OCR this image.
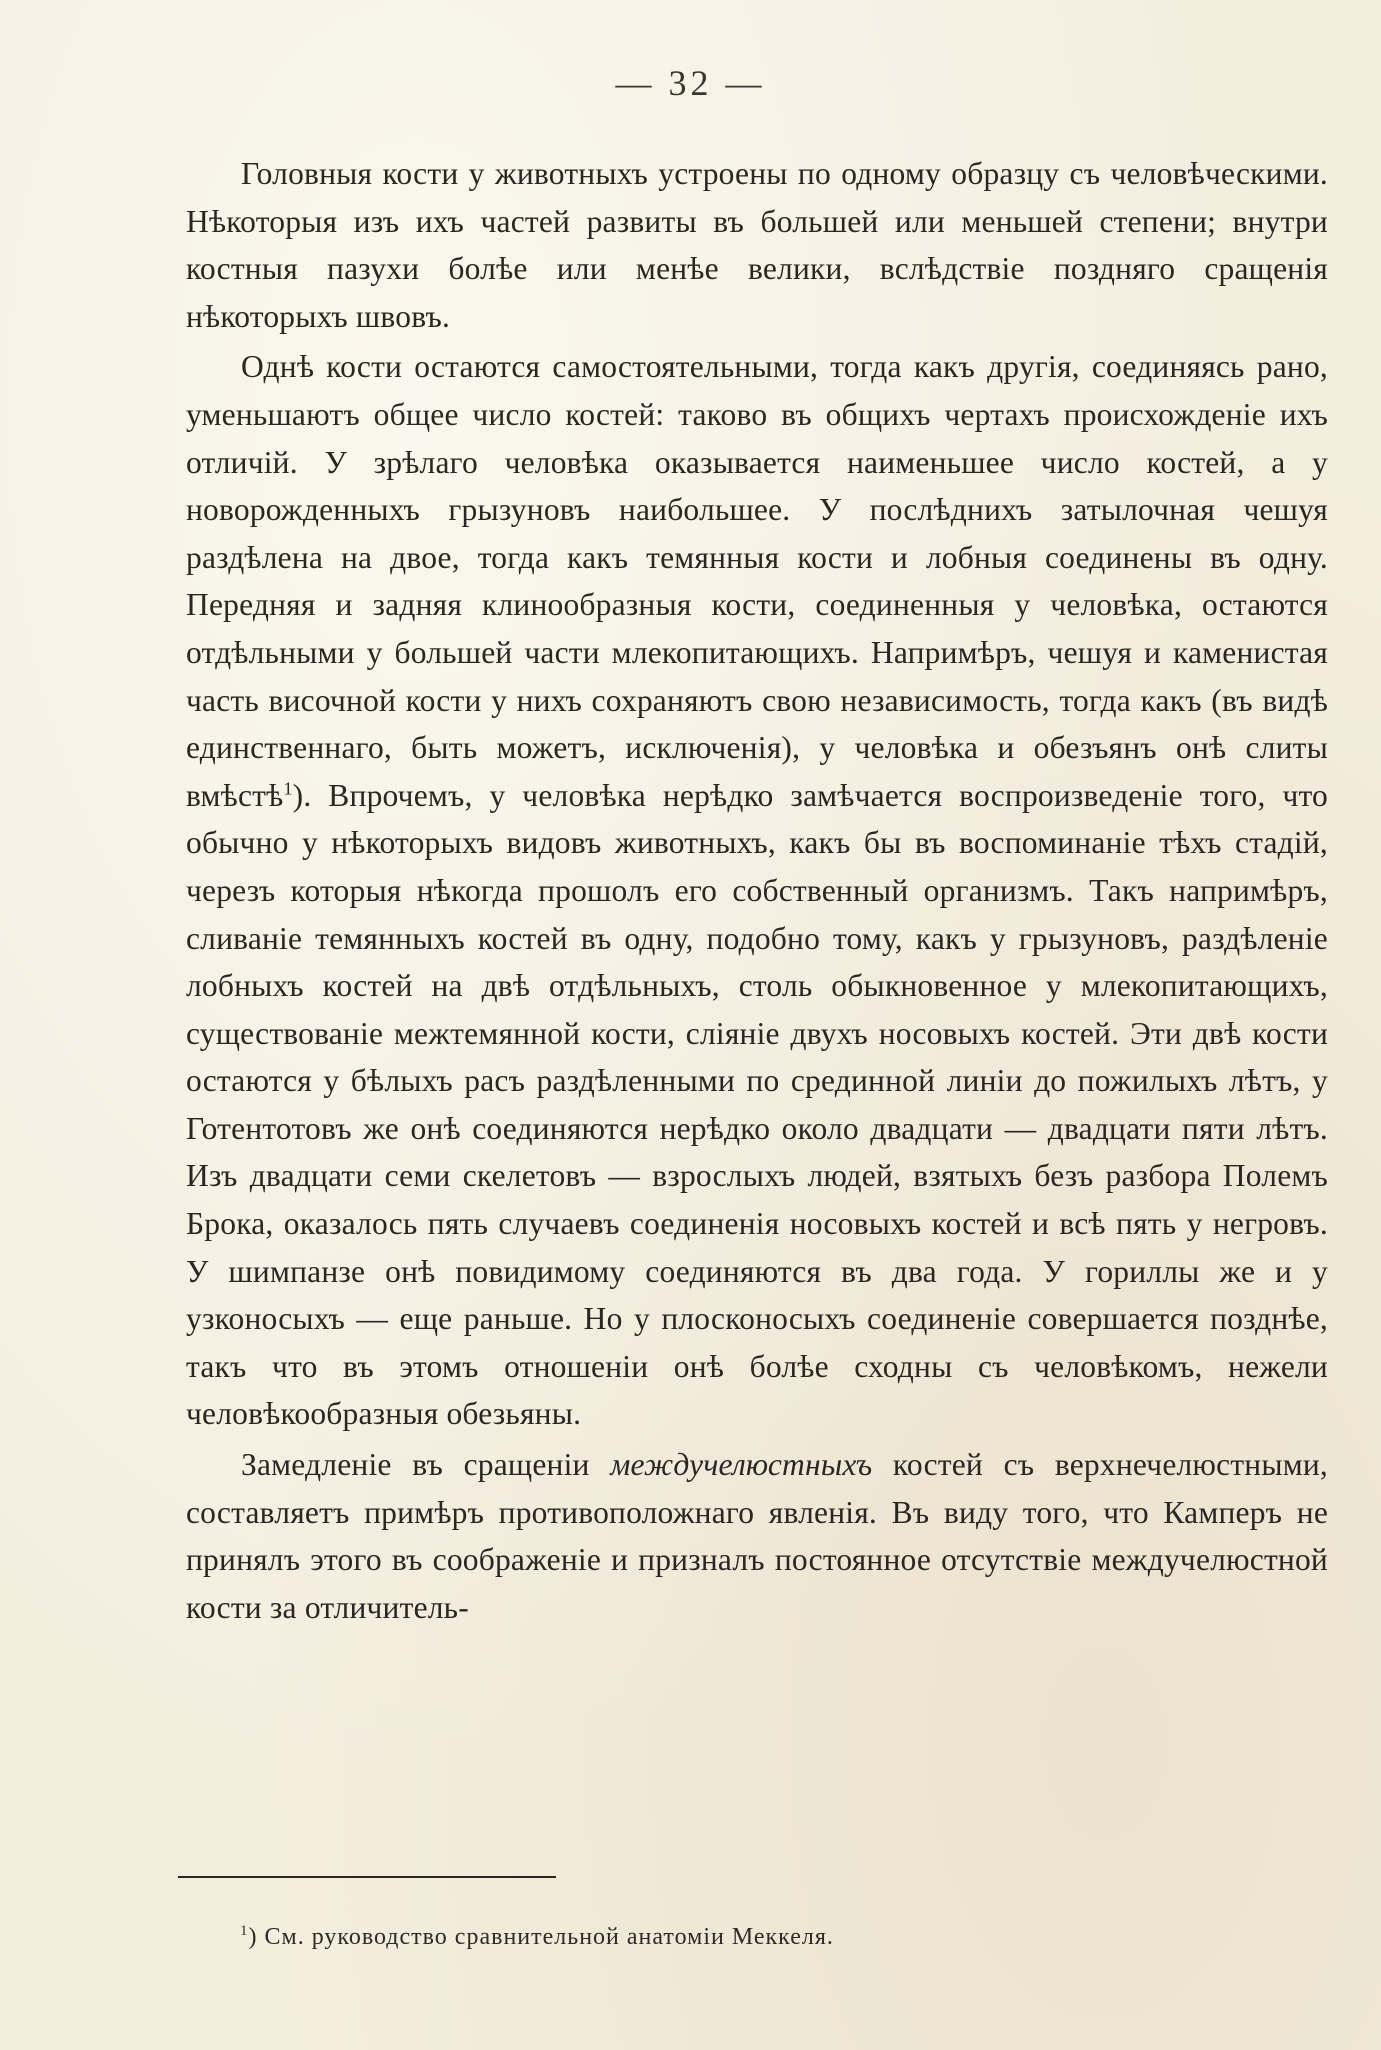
— 32 —

Головныя кости у животныхъ устроены по одному образцу съ человѣческими. Нѣкоторыя изъ ихъ частей развиты въ большей или меньшей степени; внутри костныя пазухи болѣе или менѣе велики, вслѣдствіе поздняго сращенія нѣкоторыхъ швовъ.

Однѣ кости остаются самостоятельными, тогда какъ другія, соединяясь рано, уменьшаютъ общее число костей: таково въ общихъ чертахъ происхожденіе ихъ отличій. У зрѣлаго человѣка оказывается наименьшее число костей, а у новорожденныхъ грызуновъ наибольшее. У послѣднихъ затылочная чешуя раздѣлена на двое, тогда какъ темянныя кости и лобныя соединены въ одну. Передняя и задняя клинообразныя кости, соединенныя у человѣка, остаются отдѣльными у большей части млекопитающихъ. Напримѣръ, чешуя и каменистая часть височной кости у нихъ сохраняютъ свою независимость, тогда какъ (въ видѣ единственнаго, быть можетъ, исключенія), у человѣка и обезъянъ онѣ слиты вмѣстѣ$^1$). Впрочемъ, у человѣка нерѣдко замѣчается воспроизведеніе того, что обычно у нѣкоторыхъ видовъ животныхъ, какъ бы въ воспоминаніе тѣхъ стадій, черезъ которыя нѣкогда прошолъ его собственный организмъ. Такъ напримѣръ, сливаніе темянныхъ костей въ одну, подобно тому, какъ у грызуновъ, раздѣленіе лобныхъ костей на двѣ отдѣльныхъ, столь обыкновенное у млекопитающихъ, существованіе межтемянной кости, сліяніе двухъ носовыхъ костей. Эти двѣ кости остаются у бѣлыхъ расъ раздѣленными по срединной линіи до пожилыхъ лѣтъ, у Готентотовъ же онѣ соединяются нерѣдко около двадцати — двадцати пяти лѣтъ. Изъ двадцати семи скелетовъ — взрослыхъ людей, взятыхъ безъ разбора Полемъ Брока, оказалось пять случаевъ соединенія носовыхъ костей и всѣ пять у негровъ. У шимпанзе онѣ повидимому соединяются въ два года. У гориллы же и у узконосыхъ — еще раньше. Но у плосконосыхъ соединеніе совершается позднѣе, такъ что въ этомъ отношеніи онѣ болѣе сходны съ человѣкомъ, нежели человѣкообразныя обезьяны.

Замедленіе въ сращеніи междучелюстныхъ костей съ верхнечелюстными, составляетъ примѣръ противоположнаго явленія. Въ виду того, что Камперъ не принялъ этого въ соображеніе и призналъ постоянное отсутствіе междучелюстной кости за отличитель-

$^1$) См. руководство сравнительной анатоміи Меккеля.
